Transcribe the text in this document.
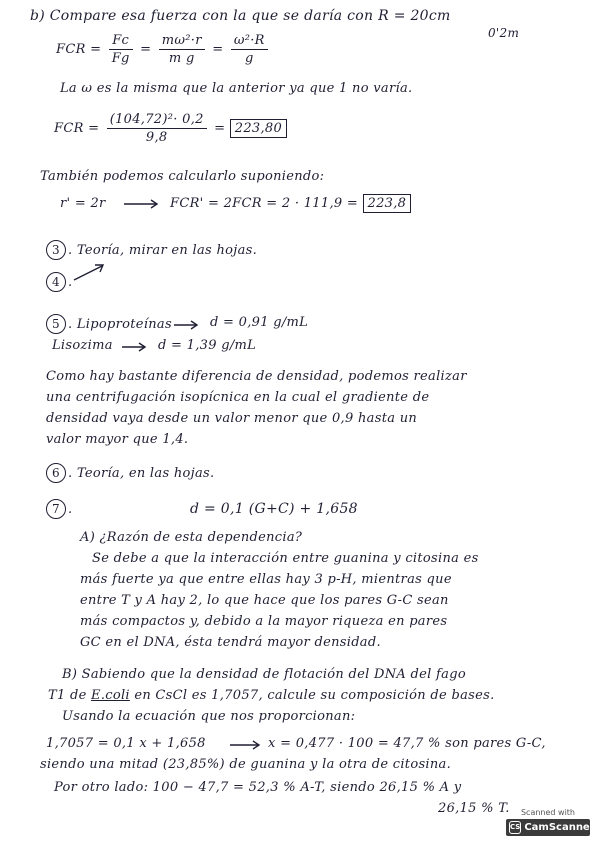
b) Compare esa fuerza con la que se daría con R = 20cm
0'2m
FCR = $\frac{Fc}{Fg} = \frac{\text{mω²·r}}{\text{m g}} = \frac{\text{ω²·R}}{g}$
La ω es la misma que la anterior ya que 1 no varía.
FCR = $\frac{\text{(104,72)²· 0,2}}{9,8} = 223,80$
También podemos calcularlo suponiendo:
r' = 2r	FCR' = 2FCR = 2 · 111,9 = 223,8
3 . Teoría, mirar en las hojas.
4 .
5 . Lipoproteínas	d = 0,91 g/mL
Lisozima	d = 1,39 g/mL
Como hay bastante diferencia de densidad, podemos realizar
una centrifugación isopícnica en la cual el gradiente de
densidad vaya desde un valor menor que 0,9 hasta un
valor mayor que 1,4.
6 . Teoría, en las hojas.
7 .	d = 0,1 (G+C) + 1,658
A) ¿Razón de esta dependencia?
Se debe a que la interacción entre guanina y citosina es
más fuerte ya que entre ellas hay 3 p-H, mientras que
entre T y A hay 2, lo que hace que los pares G-C sean
más compactos y, debido a la mayor riqueza en pares
GC en el DNA, ésta tendrá mayor densidad.
B) Sabiendo que la densidad de flotación del DNA del fago
T1 de E.coli en CsCl es 1,7057, calcule su composición de bases.
Usando la ecuación que nos proporcionan:
1,7057 = 0,1 x + 1,658	x = 0,477 · 100 = 47,7 % son pares G-C,
siendo una mitad (23,85%) de guanina y la otra de citosina.
Por otro lado: 100 − 47,7 = 52,3 % A-T, siendo 26,15 % A y
26,15 % T.	Scanned with
CS CamScanner
